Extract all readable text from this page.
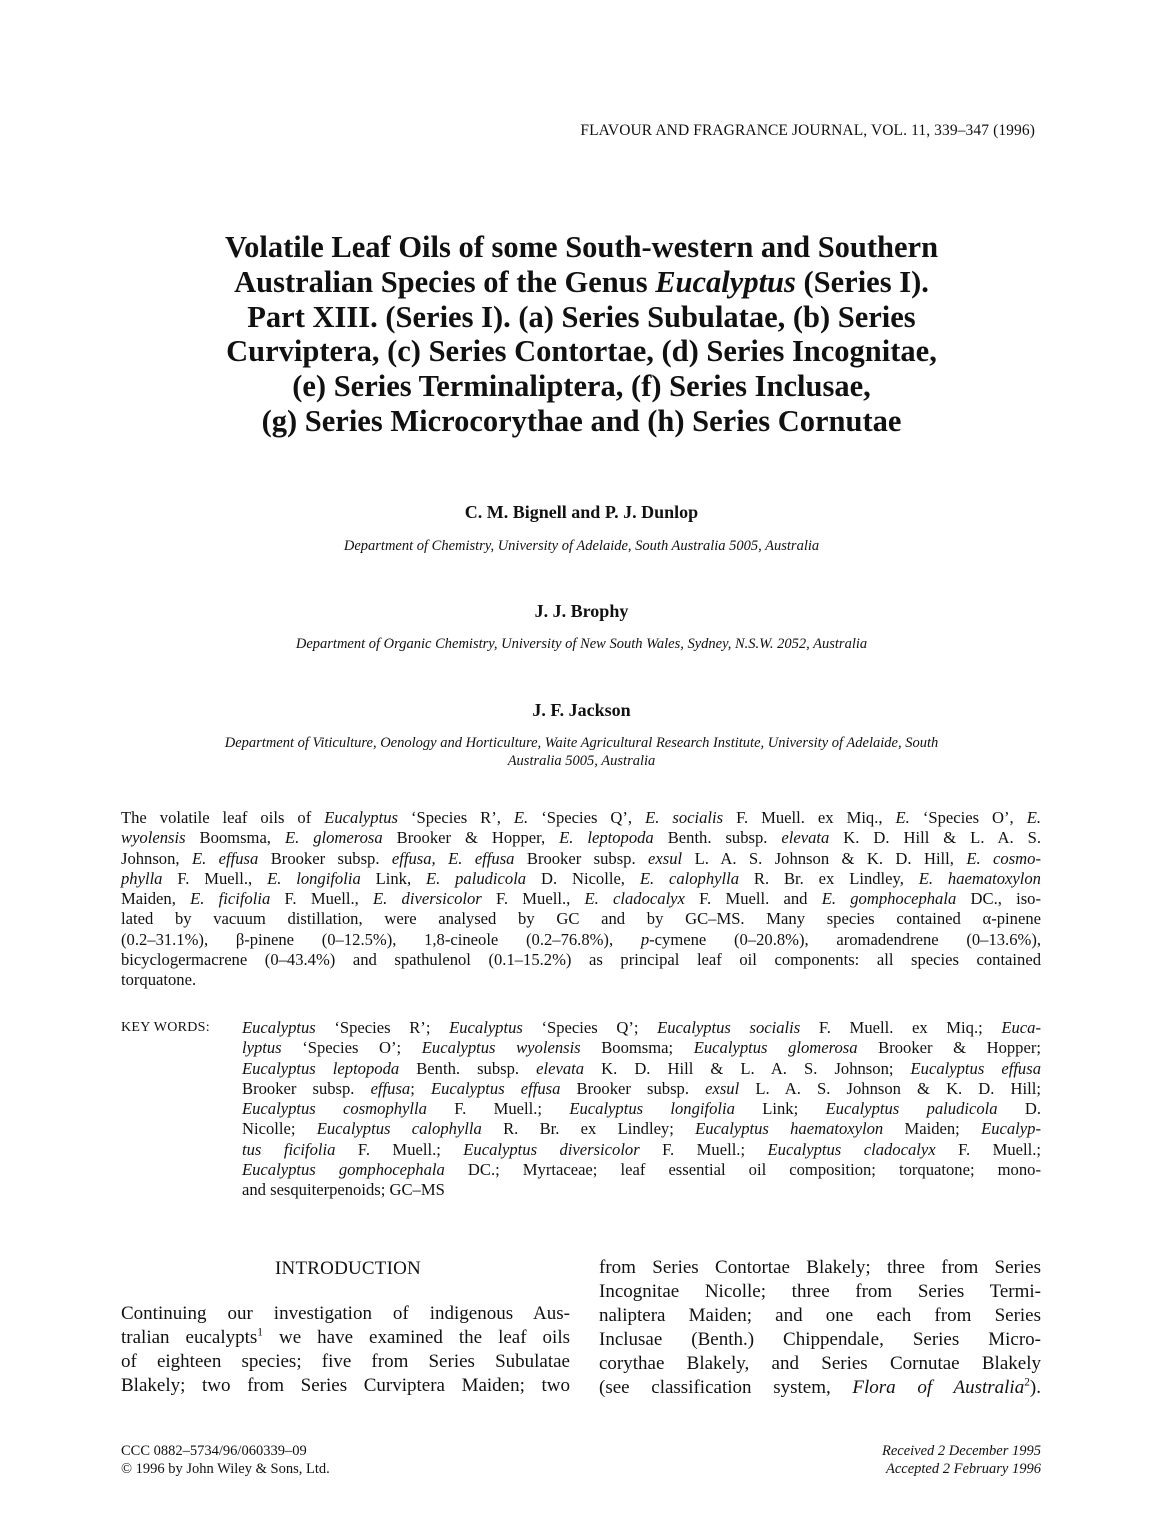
FLAVOUR AND FRAGRANCE JOURNAL, VOL. 11, 339–347 (1996)
Volatile Leaf Oils of some South-western and Southern
Australian Species of the Genus Eucalyptus (Series I).
Part XIII. (Series I). (a) Series Subulatae, (b) Series
Curviptera, (c) Series Contortae, (d) Series Incognitae,
(e) Series Terminaliptera, (f) Series Inclusae,
(g) Series Microcorythae and (h) Series Cornutae
C. M. Bignell and P. J. Dunlop
Department of Chemistry, University of Adelaide, South Australia 5005, Australia
J. J. Brophy
Department of Organic Chemistry, University of New South Wales, Sydney, N.S.W. 2052, Australia
J. F. Jackson
Department of Viticulture, Oenology and Horticulture, Waite Agricultural Research Institute, University of Adelaide, South
Australia 5005, Australia
The volatile leaf oils of Eucalyptus ‘Species R’, E. ‘Species Q’, E. socialis F. Muell. ex Miq., E. ‘Species O’, E.
wyolensis Boomsma, E. glomerosa Brooker & Hopper, E. leptopoda Benth. subsp. elevata K. D. Hill & L. A. S.
Johnson, E. effusa Brooker subsp. effusa, E. effusa Brooker subsp. exsul L. A. S. Johnson & K. D. Hill, E. cosmo-
phylla F. Muell., E. longifolia Link, E. paludicola D. Nicolle, E. calophylla R. Br. ex Lindley, E. haematoxylon
Maiden, E. ficifolia F. Muell., E. diversicolor F. Muell., E. cladocalyx F. Muell. and E. gomphocephala DC., iso-
lated by vacuum distillation, were analysed by GC and by GC–MS. Many species contained α-pinene
(0.2–31.1%), β-pinene (0–12.5%), 1,8-cineole (0.2–76.8%), p-cymene (0–20.8%), aromadendrene (0–13.6%),
bicyclogermacrene (0–43.4%) and spathulenol (0.1–15.2%) as principal leaf oil components: all species contained
torquatone.
KEY WORDS: Eucalyptus ‘Species R’; Eucalyptus ‘Species Q’; Eucalyptus socialis F. Muell. ex Miq.; Euca-
lyptus ‘Species O’; Eucalyptus wyolensis Boomsma; Eucalyptus glomerosa Brooker & Hopper;
Eucalyptus leptopoda Benth. subsp. elevata K. D. Hill & L. A. S. Johnson; Eucalyptus effusa
Brooker subsp. effusa; Eucalyptus effusa Brooker subsp. exsul L. A. S. Johnson & K. D. Hill;
Eucalyptus cosmophylla F. Muell.; Eucalyptus longifolia Link; Eucalyptus paludicola D.
Nicolle; Eucalyptus calophylla R. Br. ex Lindley; Eucalyptus haematoxylon Maiden; Eucalyp-
tus ficifolia F. Muell.; Eucalyptus diversicolor F. Muell.; Eucalyptus cladocalyx F. Muell.;
Eucalyptus gomphocephala DC.; Myrtaceae; leaf essential oil composition; torquatone; mono-
and sesquiterpenoids; GC–MS
INTRODUCTION
Continuing our investigation of indigenous Aus-
tralian eucalypts$^1$ we have examined the leaf oils
of eighteen species; five from Series Subulatae
Blakely; two from Series Curviptera Maiden; two
from Series Contortae Blakely; three from Series
Incognitae Nicolle; three from Series Termi-
naliptera Maiden; and one each from Series
Inclusae (Benth.) Chippendale, Series Micro-
corythae Blakely, and Series Cornutae Blakely
(see classification system, Flora of Australia$^2$).
CCC 0882–5734/96/060339–09
© 1996 by John Wiley & Sons, Ltd.
Received 2 December 1995
Accepted 2 February 1996
